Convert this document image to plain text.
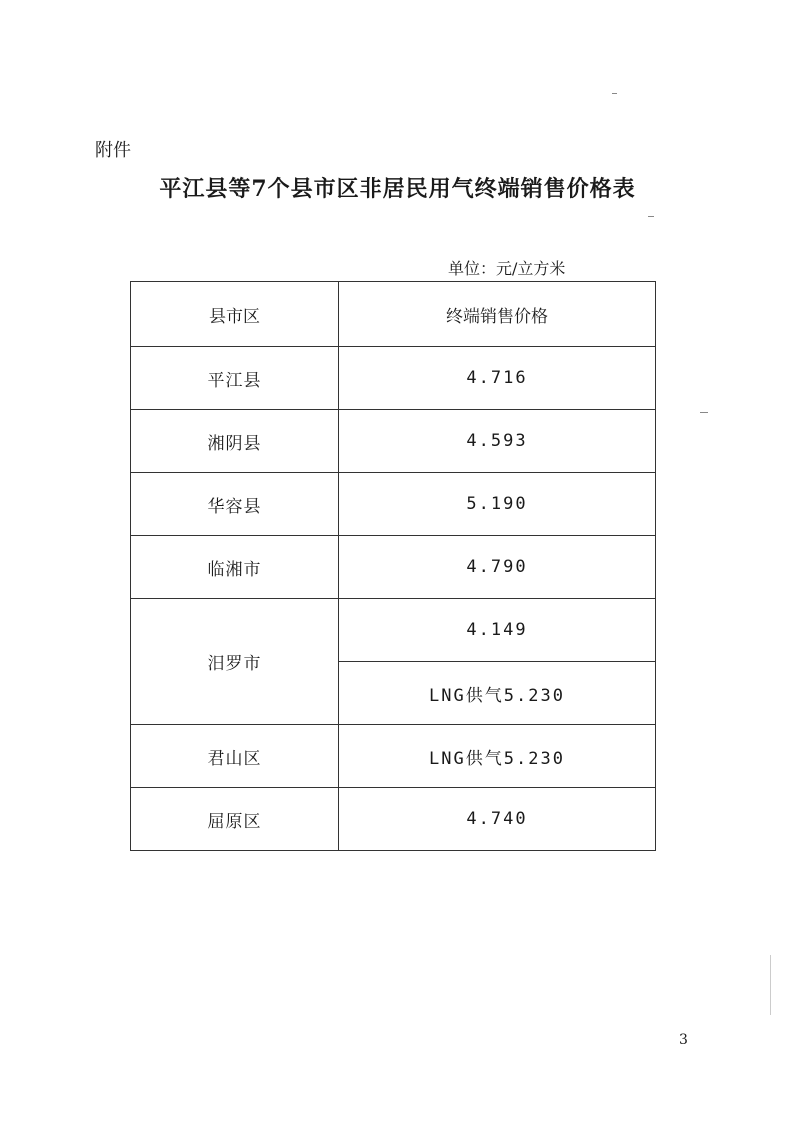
附件
平江县等7个县市区非居民用气终端销售价格表
单位：元/立方米
县市区	终端销售价格
平江县	4.716
湘阴县	4.593
华容县	5.190
临湘市	4.790
汨罗市	4.149
	LNG供气5.230
君山区	LNG供气5.230
屈原区	4.740
3
